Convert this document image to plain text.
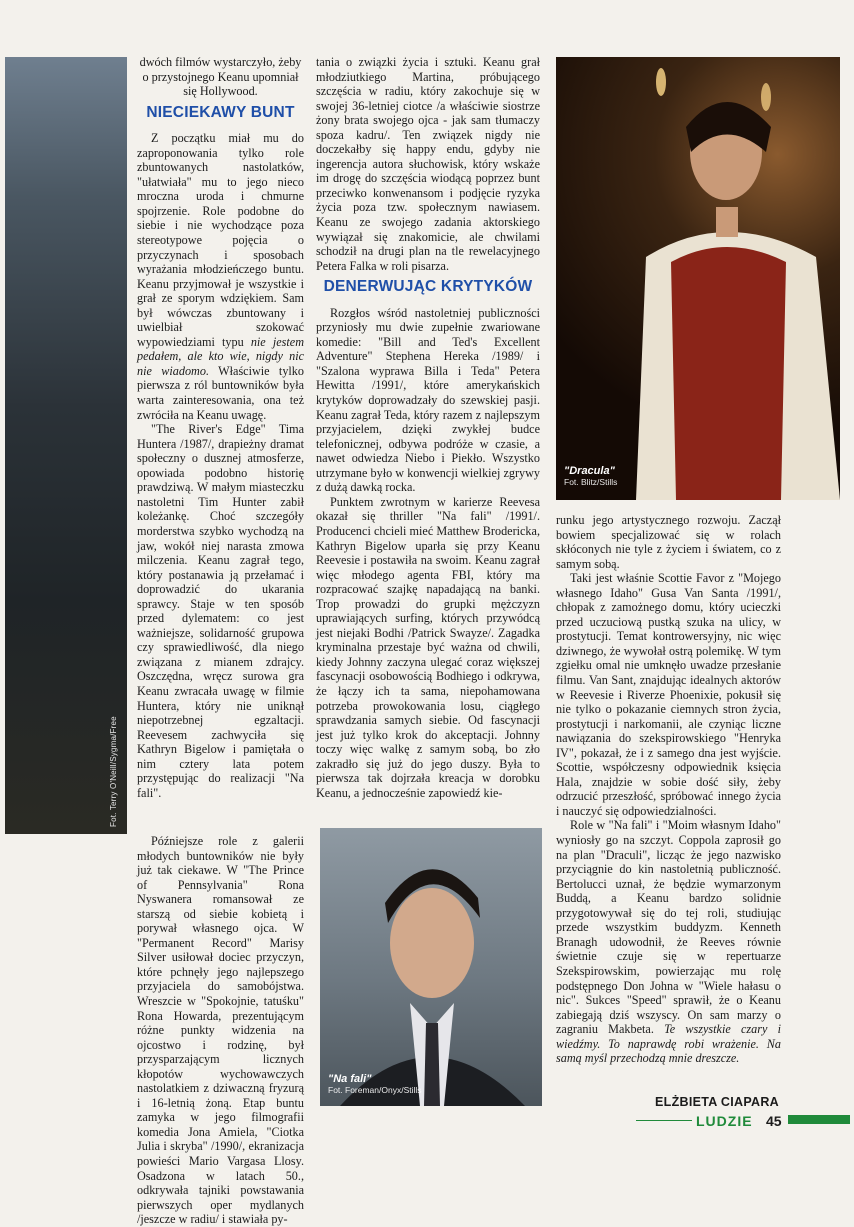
Fot. Terry O'Neill/Sygma/Free

dwóch filmów wystarczyło, żeby o przystojnego Keanu upomniał się Hollywood.

NIECIEKAWY BUNT

Z początku miał mu do zaproponowania tylko role zbuntowanych nastolatków, "ułatwiała" mu to jego nieco mroczna uroda i chmurne spojrzenie. Role podobne do siebie i nie wychodzące poza stereotypowe pojęcia o przyczynach i sposobach wyrażania młodzieńczego buntu. Keanu przyjmował je wszystkie i grał ze sporym wdziękiem. Sam był wówczas zbuntowany i uwielbiał szokować wypowiedziami typu nie jestem pedałem, ale kto wie, nigdy nic nie wiadomo. Właściwie tylko pierwsza z ról buntowników była warta zainteresowania, ona też zwróciła na Keanu uwagę.

"The River's Edge" Tima Huntera /1987/, drapieżny dramat społeczny o dusznej atmosferze, opowiada podobno historię prawdziwą. W małym miasteczku nastoletni Tim Hunter zabił koleżankę. Choć szczegóły morderstwa szybko wychodzą na jaw, wokół niej narasta zmowa milczenia. Keanu zagrał tego, który postanawia ją przełamać i doprowadzić do ukarania sprawcy. Staje w ten sposób przed dylematem: co jest ważniejsze, solidarność grupowa czy sprawiedliwość, dla niego związana z mianem zdrajcy. Oszczędna, wręcz surowa gra Keanu zwracała uwagę w filmie Huntera, który nie uniknął niepotrzebnej egzaltacji. Reevesem zachwyciła się Kathryn Bigelow i pamiętała o nim cztery lata potem przystępując do realizacji "Na fali".

Późniejsze role z galerii młodych buntowników nie były już tak ciekawe. W "The Prince of Pennsylvania" Rona Nyswanera romansował ze starszą od siebie kobietą i porywał własnego ojca. W "Permanent Record" Marisy Silver usiłował dociec przyczyn, które pchnęły jego najlepszego przyjaciela do samobójstwa. Wreszcie w "Spokojnie, tatuśku" Rona Howarda, prezentującym różne punkty widzenia na ojcostwo i rodzinę, był przysparzającym licznych kłopotów wychowawczych nastolatkiem z dziwaczną fryzurą i 16-letnią żoną. Etap buntu zamyka w jego filmografii komedia Jona Amiela, "Ciotka Julia i skryba" /1990/, ekranizacja powieści Mario Vargasa Llosy. Osadzona w latach 50., odkrywała tajniki powstawania pierwszych oper mydlanych /jeszcze w radiu/ i stawiała py-

tania o związki życia i sztuki. Keanu grał młodziutkiego Martina, próbującego szczęścia w radiu, który zakochuje się w swojej 36-letniej ciotce /a właściwie siostrze żony brata swojego ojca - jak sam tłumaczy spoza kadru/. Ten związek nigdy nie doczekałby się happy endu, gdyby nie ingerencja autora słuchowisk, który wskaże im drogę do szczęścia wiodącą poprzez bunt przeciwko konwenansom i podjęcie ryzyka życia poza tzw. społecznym nawiasem. Keanu ze swojego zadania aktorskiego wywiązał się znakomicie, ale chwilami schodził na drugi plan na tle rewelacyjnego Petera Falka w roli pisarza.

DENERWUJĄC KRYTYKÓW

Rozgłos wśród nastoletniej publiczności przyniosły mu dwie zupełnie zwariowane komedie: "Bill and Ted's Excellent Adventure" Stephena Hereka /1989/ i "Szalona wyprawa Billa i Teda" Petera Hewitta /1991/, które amerykańskich krytyków doprowadzały do szewskiej pasji. Keanu zagrał Teda, który razem z najlepszym przyjacielem, dzięki zwykłej budce telefonicznej, odbywa podróże w czasie, a nawet odwiedza Niebo i Piekło. Wszystko utrzymane było w konwencji wielkiej zgrywy z dużą dawką rocka.

Punktem zwrotnym w karierze Reevesa okazał się thriller "Na fali" /1991/. Producenci chcieli mieć Matthew Brodericka, Kathryn Bigelow uparła się przy Keanu Reevesie i postawiła na swoim. Keanu zagrał więc młodego agenta FBI, który ma rozpracować szajkę napadającą na banki. Trop prowadzi do grupki mężczyzn uprawiających surfing, których przywódcą jest niejaki Bodhi /Patrick Swayze/. Zagadka kryminalna przestaje być ważna od chwili, kiedy Johnny zaczyna ulegać coraz większej fascynacji osobowością Bodhiego i odkrywa, że łączy ich ta sama, niepohamowana potrzeba prowokowania losu, ciągłego sprawdzania samych siebie. Od fascynacji jest już tylko krok do akceptacji. Johnny toczy więc walkę z samym sobą, bo zło zakradło się już do jego duszy. Była to pierwsza tak dojrzała kreacja w dorobku Keanu, a jednocześnie zapowiedź kie-

"Dracula"
Fot. Blitz/Stills

runku jego artystycznego rozwoju. Zaczął bowiem specjalizować się w rolach skłóconych nie tyle z życiem i światem, co z samym sobą.

Taki jest właśnie Scottie Favor z "Mojego własnego Idaho" Gusa Van Santa /1991/, chłopak z zamożnego domu, który ucieczki przed uczuciową pustką szuka na ulicy, w prostytucji. Temat kontrowersyjny, nic więc dziwnego, że wywołał ostrą polemikę. W tym zgiełku omal nie umknęło uwadze przesłanie filmu. Van Sant, znajdując idealnych aktorów w Reevesie i Riverze Phoenixie, pokusił się nie tylko o pokazanie ciemnych stron życia, prostytucji i narkomanii, ale czyniąc liczne nawiązania do szekspirowskiego "Henryka IV", pokazał, że i z samego dna jest wyjście. Scottie, współczesny odpowiednik księcia Hala, znajdzie w sobie dość siły, żeby odrzucić przeszłość, spróbować innego życia i nauczyć się odpowiedzialności.

Role w "Na fali" i "Moim własnym Idaho" wyniosły go na szczyt. Coppola zaprosił go na plan "Draculi", licząc że jego nazwisko przyciągnie do kin nastoletnią publiczność. Bertolucci uznał, że będzie wymarzonym Buddą, a Keanu bardzo solidnie przygotowywał się do tej roli, studiując przede wszystkim buddyzm. Kenneth Branagh udowodnił, że Reeves równie świetnie czuje się w repertuarze Szekspirowskim, powierzając mu rolę podstępnego Don Johna w "Wiele hałasu o nic". Sukces "Speed" sprawił, że o Keanu zabiegają dziś wszyscy. On sam marzy o zagraniu Makbeta. Te wszystkie czary i wiedźmy. To naprawdę robi wrażenie. Na samą myśl przechodzą mnie dreszcze.

"Na fali"
Fot. Foreman/Onyx/Stills
ELŻBIETA CIAPARA
LUDZIE 45
